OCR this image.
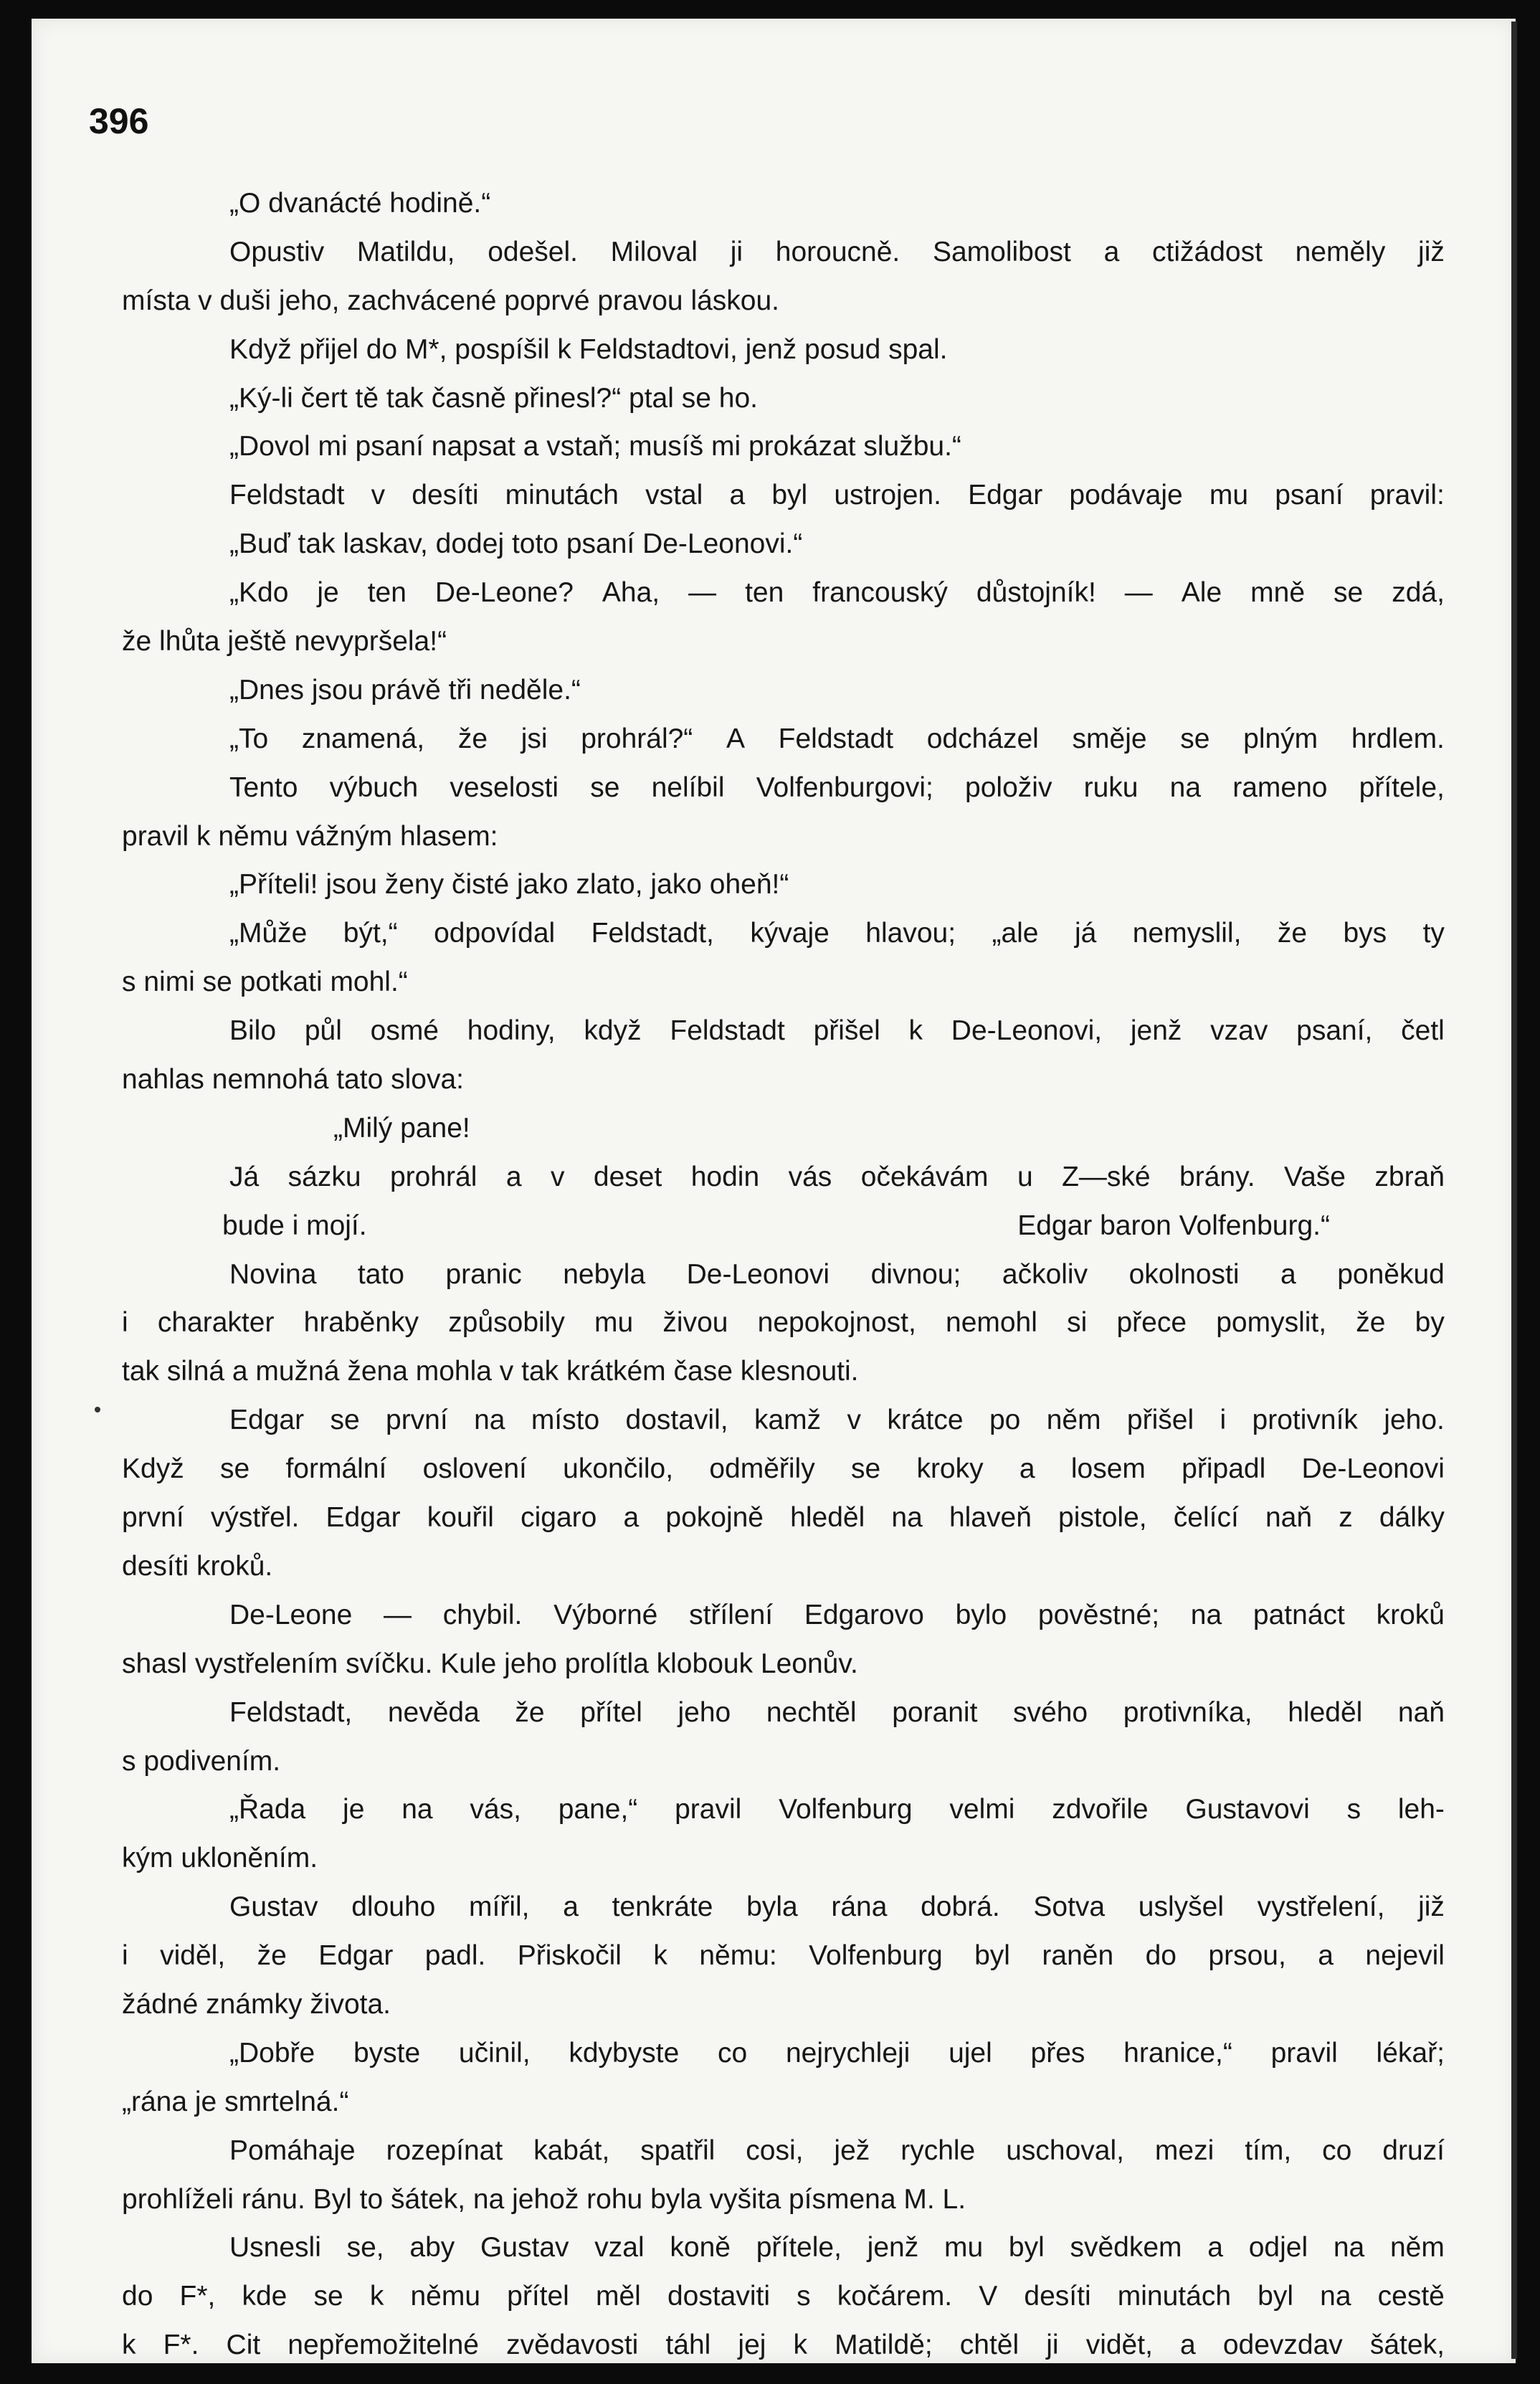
396
„O dvanácté hodině.“
Opustiv Matildu, odešel. Miloval ji horoucně. Samolibost a ctižádost neměly již
místa v duši jeho, zachvácené poprvé pravou láskou.
Když přijel do M*, pospíšil k Feldstadtovi, jenž posud spal.
„Ký-li čert tě tak časně přinesl?“ ptal se ho.
„Dovol mi psaní napsat a vstaň; musíš mi prokázat službu.“
Feldstadt v desíti minutách vstal a byl ustrojen. Edgar podávaje mu psaní pravil:
„Buď tak laskav, dodej toto psaní De-Leonovi.“
„Kdo je ten De-Leone? Aha, — ten francouský důstojník! — Ale mně se zdá,
že lhůta ještě nevypršela!“
„Dnes jsou právě tři neděle.“
„To znamená, že jsi prohrál?“ A Feldstadt odcházel směje se plným hrdlem.
Tento výbuch veselosti se nelíbil Volfenburgovi; položiv ruku na rameno přítele,
pravil k němu vážným hlasem:
„Příteli! jsou ženy čisté jako zlato, jako oheň!“
„Může být,“ odpovídal Feldstadt, kývaje hlavou; „ale já nemyslil, že bys ty
s nimi se potkati mohl.“
Bilo půl osmé hodiny, když Feldstadt přišel k De-Leonovi, jenž vzav psaní, četl
nahlas nemnohá tato slova:
„Milý pane!
Já sázku prohrál a v deset hodin vás očekávám u Z—ské brány. Vaše zbraň
bude i mojí.	Edgar baron Volfenburg.“
Novina tato pranic nebyla De-Leonovi divnou; ačkoliv okolnosti a poněkud
i charakter hraběnky způsobily mu živou nepokojnost, nemohl si přece pomyslit, že by
tak silná a mužná žena mohla v tak krátkém čase klesnouti.
Edgar se první na místo dostavil, kamž v krátce po něm přišel i protivník jeho.
Když se formální oslovení ukončilo, odměřily se kroky a losem připadl De-Leonovi
první výstřel. Edgar kouřil cigaro a pokojně hleděl na hlaveň pistole, čelící naň z dálky
desíti kroků.
De-Leone — chybil. Výborné střílení Edgarovo bylo pověstné; na patnáct kroků
shasl vystřelením svíčku. Kule jeho prolítla klobouk Leonův.
Feldstadt, nevěda že přítel jeho nechtěl poranit svého protivníka, hleděl naň
s podivením.
„Řada je na vás, pane,“ pravil Volfenburg velmi zdvořile Gustavovi s leh-
kým ukloněním.
Gustav dlouho mířil, a tenkráte byla rána dobrá. Sotva uslyšel vystřelení, již
i viděl, že Edgar padl. Přiskočil k němu: Volfenburg byl raněn do prsou, a nejevil
žádné známky života.
„Dobře byste učinil, kdybyste co nejrychleji ujel přes hranice,“ pravil lékař;
„rána je smrtelná.“
Pomáhaje rozepínat kabát, spatřil cosi, jež rychle uschoval, mezi tím, co druzí
prohlíželi ránu. Byl to šátek, na jehož rohu byla vyšita písmena M. L.
Usnesli se, aby Gustav vzal koně přítele, jenž mu byl svědkem a odjel na něm
do F*, kde se k němu přítel měl dostaviti s kočárem. V desíti minutách byl na cestě
k F*. Cit nepřemožitelné zvědavosti táhl jej k Matildě; chtěl ji vidět, a odevzdav šátek,
